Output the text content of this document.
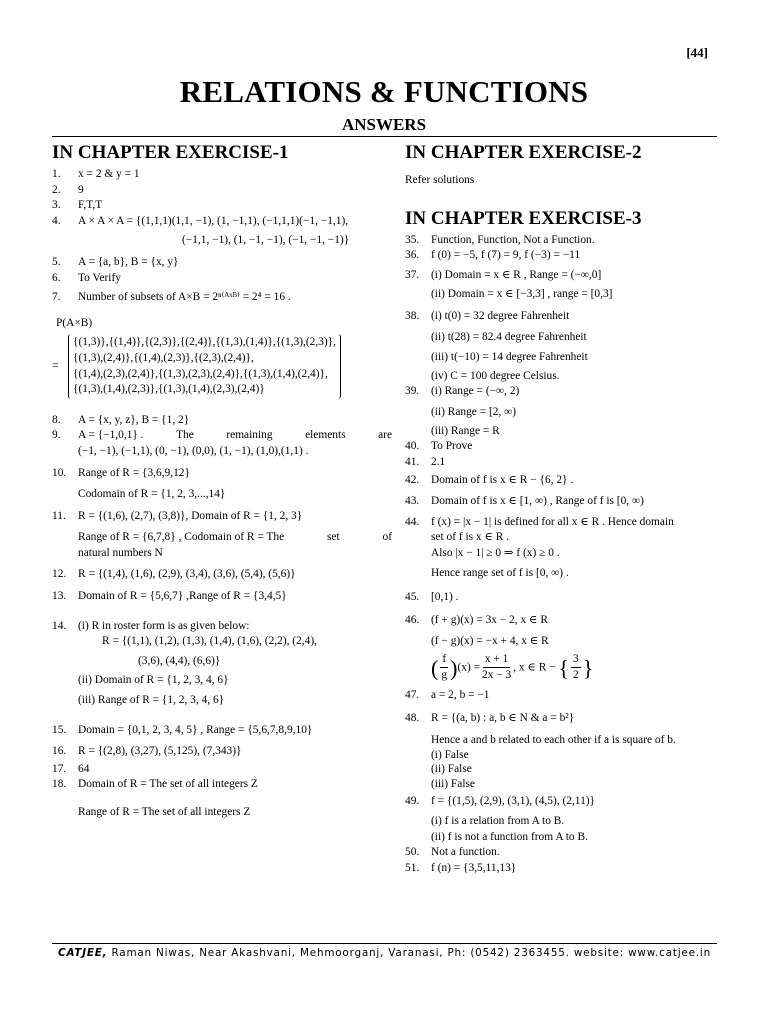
[44]
RELATIONS & FUNCTIONS
ANSWERS
IN CHAPTER EXERCISE-1
1.	x = 2 & y = 1
2.	9
3.	F,T,T
4.	A × A × A = {(1,1,1)(1,1, −1), (1, −1,1), (−1,1,1)(−1, −1,1),
(−1,1, −1), (1, −1, −1), (−1, −1, −1)}
5.	A = {a, b}, B = {x, y}
6.	To Verify
7.	Number of subsets of A×B = 2ⁿ⁽ᴬˣᴮ⁾ = 2⁴ = 16 .
P(A×B)
=
{(1,3)},{(1,4)},{(2,3)},{(2,4)},{(1,3),(1,4)},{(1,3),(2,3)},
{(1,3),(2,4)},{(1,4),(2,3)},{(2,3),(2,4)},
{(1,4),(2,3),(2,4)},{(1,3),(2,3),(2,4)},{(1,3),(1,4),(2,4)},
{(1,3),(1,4),(2,3)},{(1,3),(1,4),(2,3),(2,4)}
8.	A = {x, y, z}, B = {1, 2}
9.	A = {−1,0,1} .	The	remaining	elements	are
(−1, −1), (−1,1), (0, −1), (0,0), (1, −1), (1,0),(1,1) .
10.	Range of R = {3,6,9,12}
Codomain of R = {1, 2, 3,...,14}
11.	R = {(1,6), (2,7), (3,8)}, Domain of R = {1, 2, 3}
Range of R = {6,7,8} , Codomain of R = The	set	of
natural numbers N
12.	R = {(1,4), (1,6), (2,9), (3,4), (3,6), (5,4), (5,6)}
13.	Domain of R = {5,6,7} ,Range of R = {3,4,5}
14.	(i) R in roster form is as given below:
R = {(1,1), (1,2), (1,3), (1,4), (1,6), (2,2), (2,4),
(3,6), (4,4), (6,6)}
(ii) Domain of R = {1, 2, 3, 4, 6}
(iii) Range of R = {1, 2, 3, 4, 6}
15.	Domain = {0,1, 2, 3, 4, 5} , Range = {5,6,7,8,9,10}
16.	R = {(2,8), (3,27), (5,125), (7,343)}
17.	64
18.	Domain of R = The set of all integers Z
Range of R = The set of all integers Z
IN CHAPTER EXERCISE-2
Refer solutions
IN CHAPTER EXERCISE-3
35.	Function, Function, Not a Function.
36.	f (0) = −5, f (7) = 9, f (−3) = −11
37.	(i) Domain = x ∈ R , Range = (−∞,0]
(ii) Domain = x ∈ [−3,3] , range = [0,3]
38.	(i) t(0) = 32 degree Fahrenheit
(ii) t(28) = 82.4 degree Fahrenheit
(iii) t(−10) = 14 degree Fahrenheit
(iv) C = 100 degree Celsius.
39.	(i) Range = (−∞, 2)
(ii) Range = [2, ∞)
(iii) Range = R
40.	To Prove
41.	2.1
42.	Domain of f is x ∈ R − {6, 2} .
43.	Domain of f is x ∈ [1, ∞) , Range of f is [0, ∞)
44.	f (x) = |x − 1| is defined for all x ∈ R . Hence domain
set of f is x ∈ R .
Also |x − 1| ≥ 0 ⇒ f (x) ≥ 0 .
Hence range set of f is [0, ∞) .
45.	[0,1) .
46.	(f + g)(x) = 3x − 2, x ∈ R
(f − g)(x) = −x + 4, x ∈ R
( $\frac{f}{g} )(x) = \frac{x + 1}{2x - 3}$ , x ∈ R − { $\frac{3}{2}$ }
47.	a = 2, b = −1
48.	R = {(a, b) : a, b ∈ N & a = b²}
Hence a and b related to each other if a is square of b.
(i) False
(ii) False
(iii) False
49.	f = {(1,5), (2,9), (3,1), (4,5), (2,11)}
(i) f is a relation from A to B.
(ii) f is not a function from A to B.
50.	Not a function.
51.	f (n) = {3,5,11,13}
CATJEE, Raman Niwas, Near Akashvani, Mehmoorganj, Varanasi, Ph: (0542) 2363455. website: www.catjee.in
